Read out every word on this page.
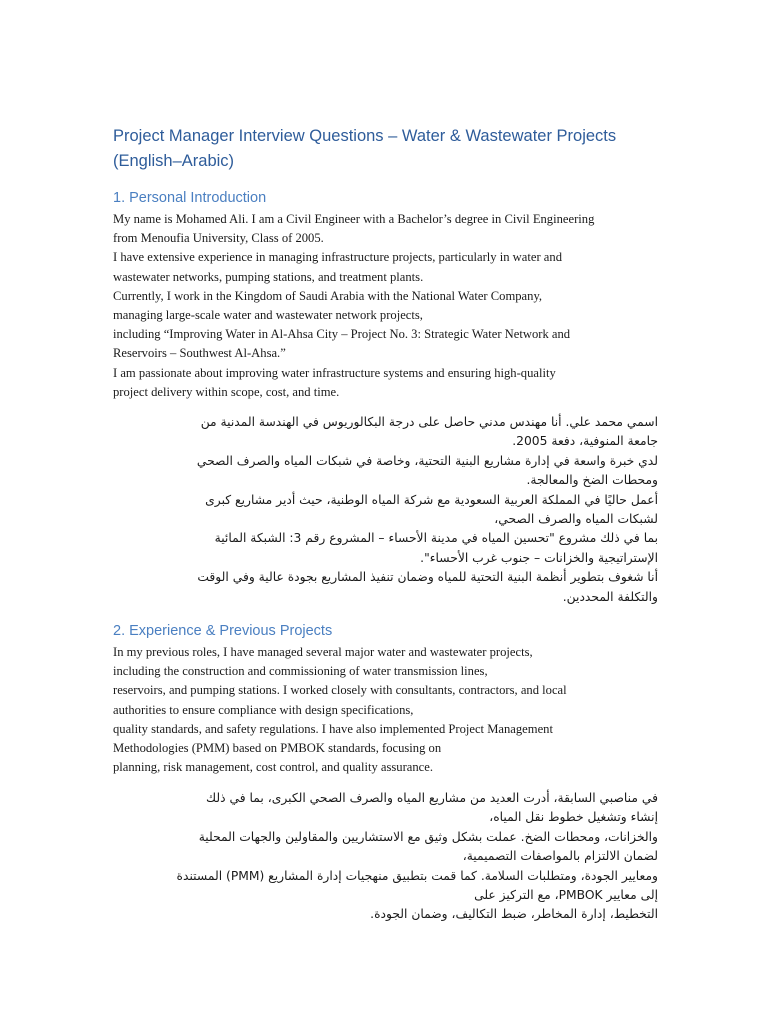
Project Manager Interview Questions – Water & Wastewater Projects
(English–Arabic)
1. Personal Introduction

My name is Mohamed Ali. I am a Civil Engineer with a Bachelor’s degree in Civil Engineering

from Menoufia University, Class of 2005.

I have extensive experience in managing infrastructure projects, particularly in water and

wastewater networks, pumping stations, and treatment plants.

Currently, I work in the Kingdom of Saudi Arabia with the National Water Company,

managing large-scale water and wastewater network projects,

including “Improving Water in Al-Ahsa City – Project No. 3: Strategic Water Network and

Reservoirs – Southwest Al-Ahsa.”

I am passionate about improving water infrastructure systems and ensuring high-quality

project delivery within scope, cost, and time.

اسمي محمد علي. أنا مهندس مدني حاصل على درجة البكالوريوس في الهندسة المدنية من

جامعة المنوفية، دفعة 2005.

لدي خبرة واسعة في إدارة مشاريع البنية التحتية، وخاصة في شبكات المياه والصرف الصحي

ومحطات الضخ والمعالجة.

أعمل حاليًا في المملكة العربية السعودية مع شركة المياه الوطنية، حيث أدير مشاريع كبرى

لشبكات المياه والصرف الصحي،

بما في ذلك مشروع "تحسين المياه في مدينة الأحساء – المشروع رقم 3: الشبكة المائية

الإستراتيجية والخزانات – جنوب غرب الأحساء".

أنا شغوف بتطوير أنظمة البنية التحتية للمياه وضمان تنفيذ المشاريع بجودة عالية وفي الوقت

والتكلفة المحددين.

2. Experience & Previous Projects

In my previous roles, I have managed several major water and wastewater projects,

including the construction and commissioning of water transmission lines,

reservoirs, and pumping stations. I worked closely with consultants, contractors, and local

authorities to ensure compliance with design specifications,

quality standards, and safety regulations. I have also implemented Project Management

Methodologies (PMM) based on PMBOK standards, focusing on

planning, risk management, cost control, and quality assurance.

في مناصبي السابقة، أدرت العديد من مشاريع المياه والصرف الصحي الكبرى، بما في ذلك

إنشاء وتشغيل خطوط نقل المياه،

والخزانات، ومحطات الضخ. عملت بشكل وثيق مع الاستشاريين والمقاولين والجهات المحلية

لضمان الالتزام بالمواصفات التصميمية،

ومعايير الجودة، ومتطلبات السلامة. كما قمت بتطبيق منهجيات إدارة المشاريع (PMM) المستندة

إلى معايير PMBOK، مع التركيز على

التخطيط، إدارة المخاطر، ضبط التكاليف، وضمان الجودة.
